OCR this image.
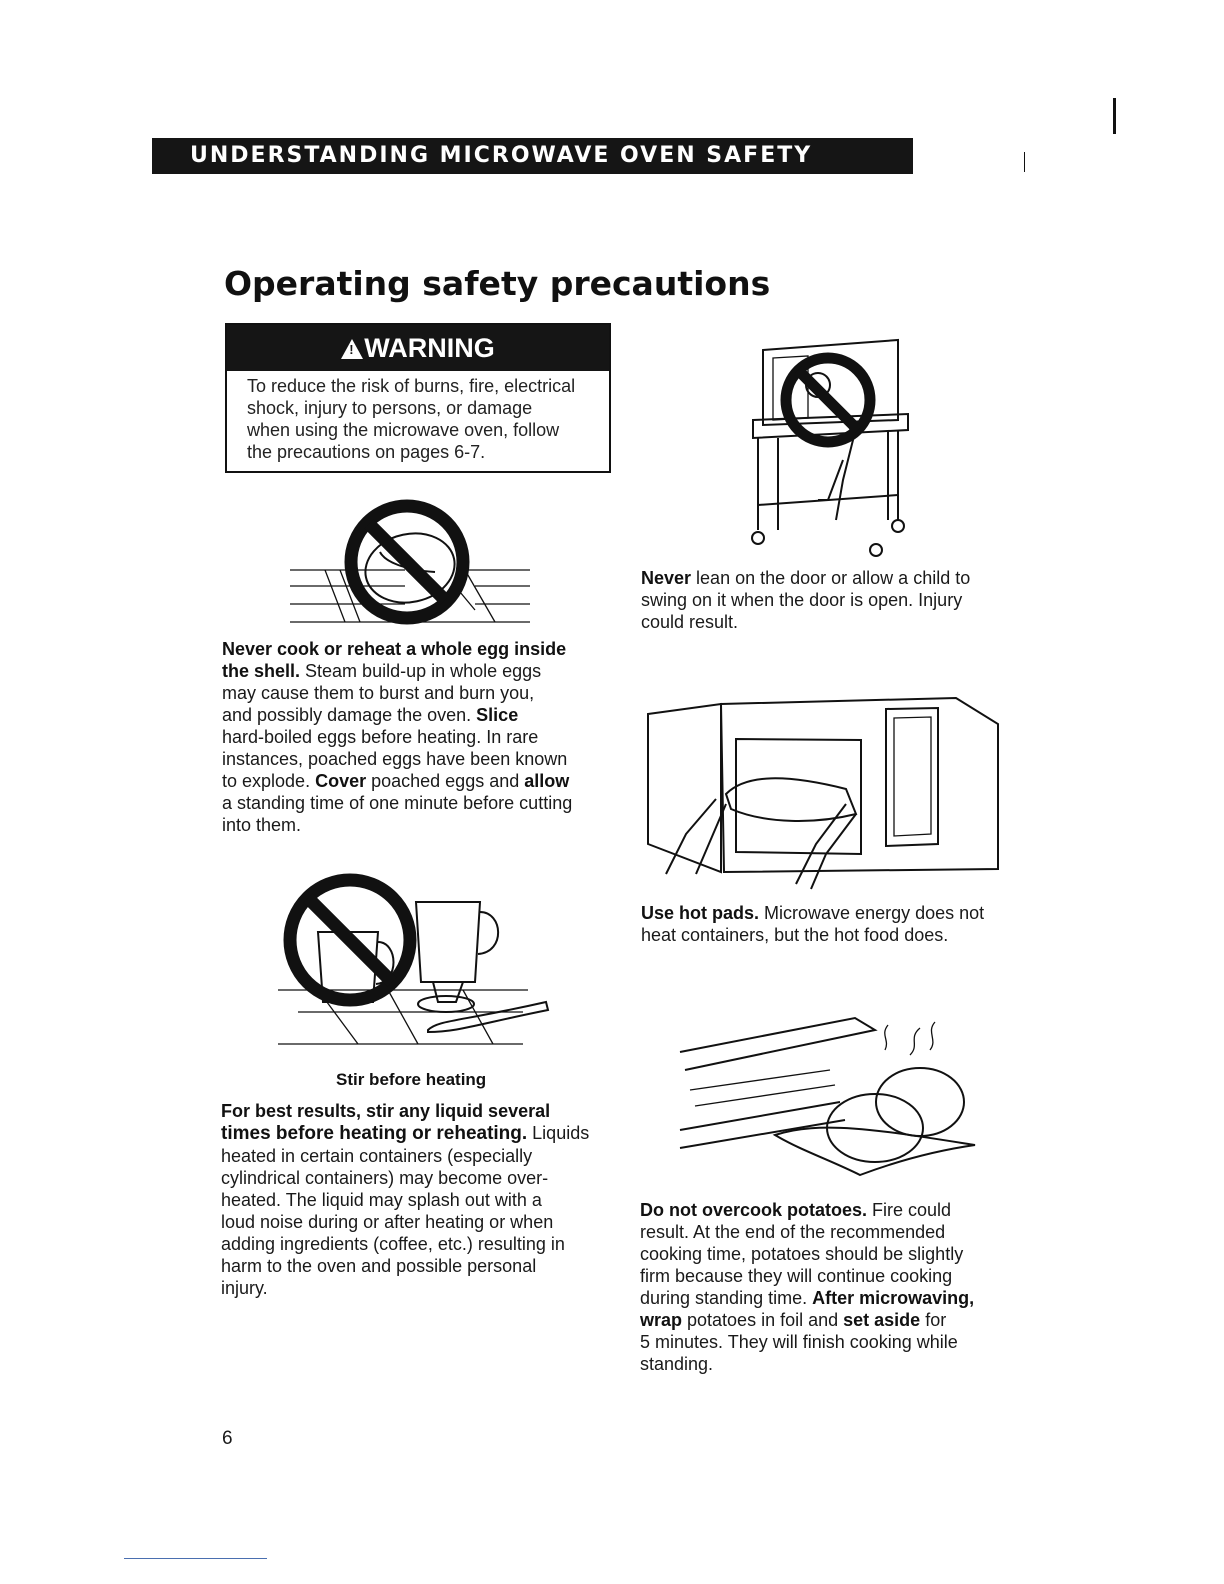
UNDERSTANDING MICROWAVE OVEN SAFETY
Operating safety precautions
!WARNING
To reduce the risk of burns, fire, electrical
shock, injury to persons, or damage
when using the microwave oven, follow
the precautions on pages 6-7.
Never cook or reheat a whole egg inside
the shell. Steam build-up in whole eggs
may cause them to burst and burn you,
and possibly damage the oven. Slice
hard-boiled eggs before heating. In rare
instances, poached eggs have been known
to explode. Cover poached eggs and allow
a standing time of one minute before cutting
into them.
Stir before heating
For best results, stir any liquid several
times before heating or reheating. Liquids
heated in certain containers (especially
cylindrical containers) may become over-
heated. The liquid may splash out with a
loud noise during or after heating or when
adding ingredients (coffee, etc.) resulting in
harm to the oven and possible personal
injury.
Never lean on the door or allow a child to
swing on it when the door is open. Injury
could result.
Use hot pads. Microwave energy does not
heat containers, but the hot food does.
Do not overcook potatoes. Fire could
result. At the end of the recommended
cooking time, potatoes should be slightly
firm because they will continue cooking
during standing time. After microwaving,
wrap potatoes in foil and set aside for
5 minutes. They will finish cooking while
standing.
6
